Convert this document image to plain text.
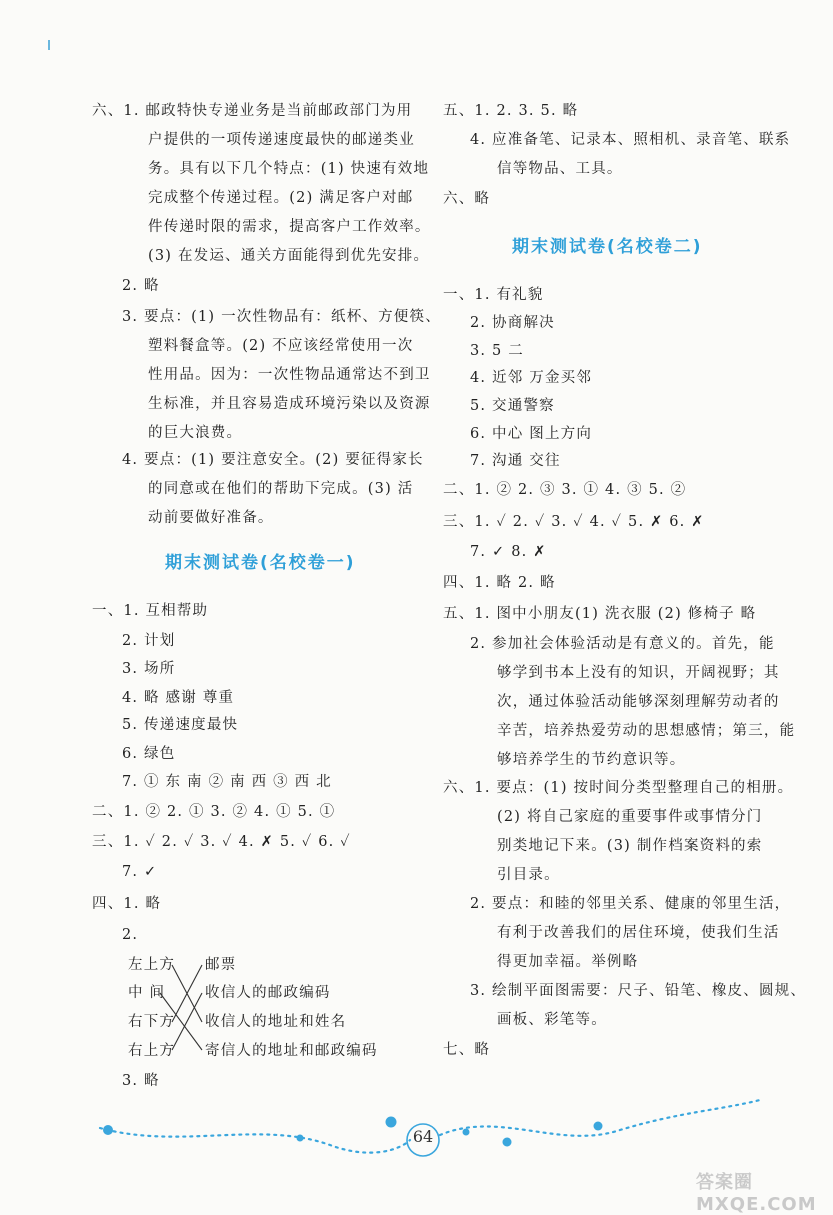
六、1. 邮政特快专递业务是当前邮政部门为用
户提供的一项传递速度最快的邮递类业
务。具有以下几个特点：(1) 快速有效地
完成整个传递过程。(2) 满足客户对邮
件传递时限的需求，提高客户工作效率。
(3) 在发运、通关方面能得到优先安排。
2. 略
3. 要点：(1) 一次性物品有：纸杯、方便筷、
塑料餐盒等。(2) 不应该经常使用一次
性用品。因为：一次性物品通常达不到卫
生标准，并且容易造成环境污染以及资源
的巨大浪费。
4. 要点：(1) 要注意安全。(2) 要征得家长
的同意或在他们的帮助下完成。(3) 活
动前要做好准备。
期末测试卷(名校卷一)
一、1. 互相帮助
2. 计划
3. 场所
4. 略 感谢 尊重
5. 传递速度最快
6. 绿色
7. ① 东 南 ② 南 西 ③ 西 北
二、1. ② 2. ① 3. ② 4. ① 5. ①
三、1. ✓ 2. ✓ 3. ✓ 4. ✗ 5. ✓ 6. ✓
7. ✓
四、1. 略
2.
左上方
中 间
右下方
右上方
邮票
收信人的邮政编码
收信人的地址和姓名
寄信人的地址和邮政编码
3. 略
五、1. 2. 3. 5. 略
4. 应准备笔、记录本、照相机、录音笔、联系
信等物品、工具。
六、略
期末测试卷(名校卷二)
一、1. 有礼貌
2. 协商解决
3. 5 二
4. 近邻 万金买邻
5. 交通警察
6. 中心 图上方向
7. 沟通 交往
二、1. ② 2. ③ 3. ① 4. ③ 5. ②
三、1. ✓ 2. ✓ 3. ✓ 4. ✓ 5. ✗ 6. ✗
7. ✓ 8. ✗
四、1. 略 2. 略
五、1. 图中小朋友(1) 洗衣服 (2) 修椅子 略
2. 参加社会体验活动是有意义的。首先，能
够学到书本上没有的知识，开阔视野；其
次，通过体验活动能够深刻理解劳动者的
辛苦，培养热爱劳动的思想感情；第三，能
够培养学生的节约意识等。
六、1. 要点：(1) 按时间分类型整理自己的相册。
(2) 将自己家庭的重要事件或事情分门
别类地记下来。(3) 制作档案资料的索
引目录。
2. 要点：和睦的邻里关系、健康的邻里生活，
有利于改善我们的居住环境，使我们生活
得更加幸福。举例略
3. 绘制平面图需要：尺子、铅笔、橡皮、圆规、
画板、彩笔等。
七、略
64
答案圈 MXQE.COM
